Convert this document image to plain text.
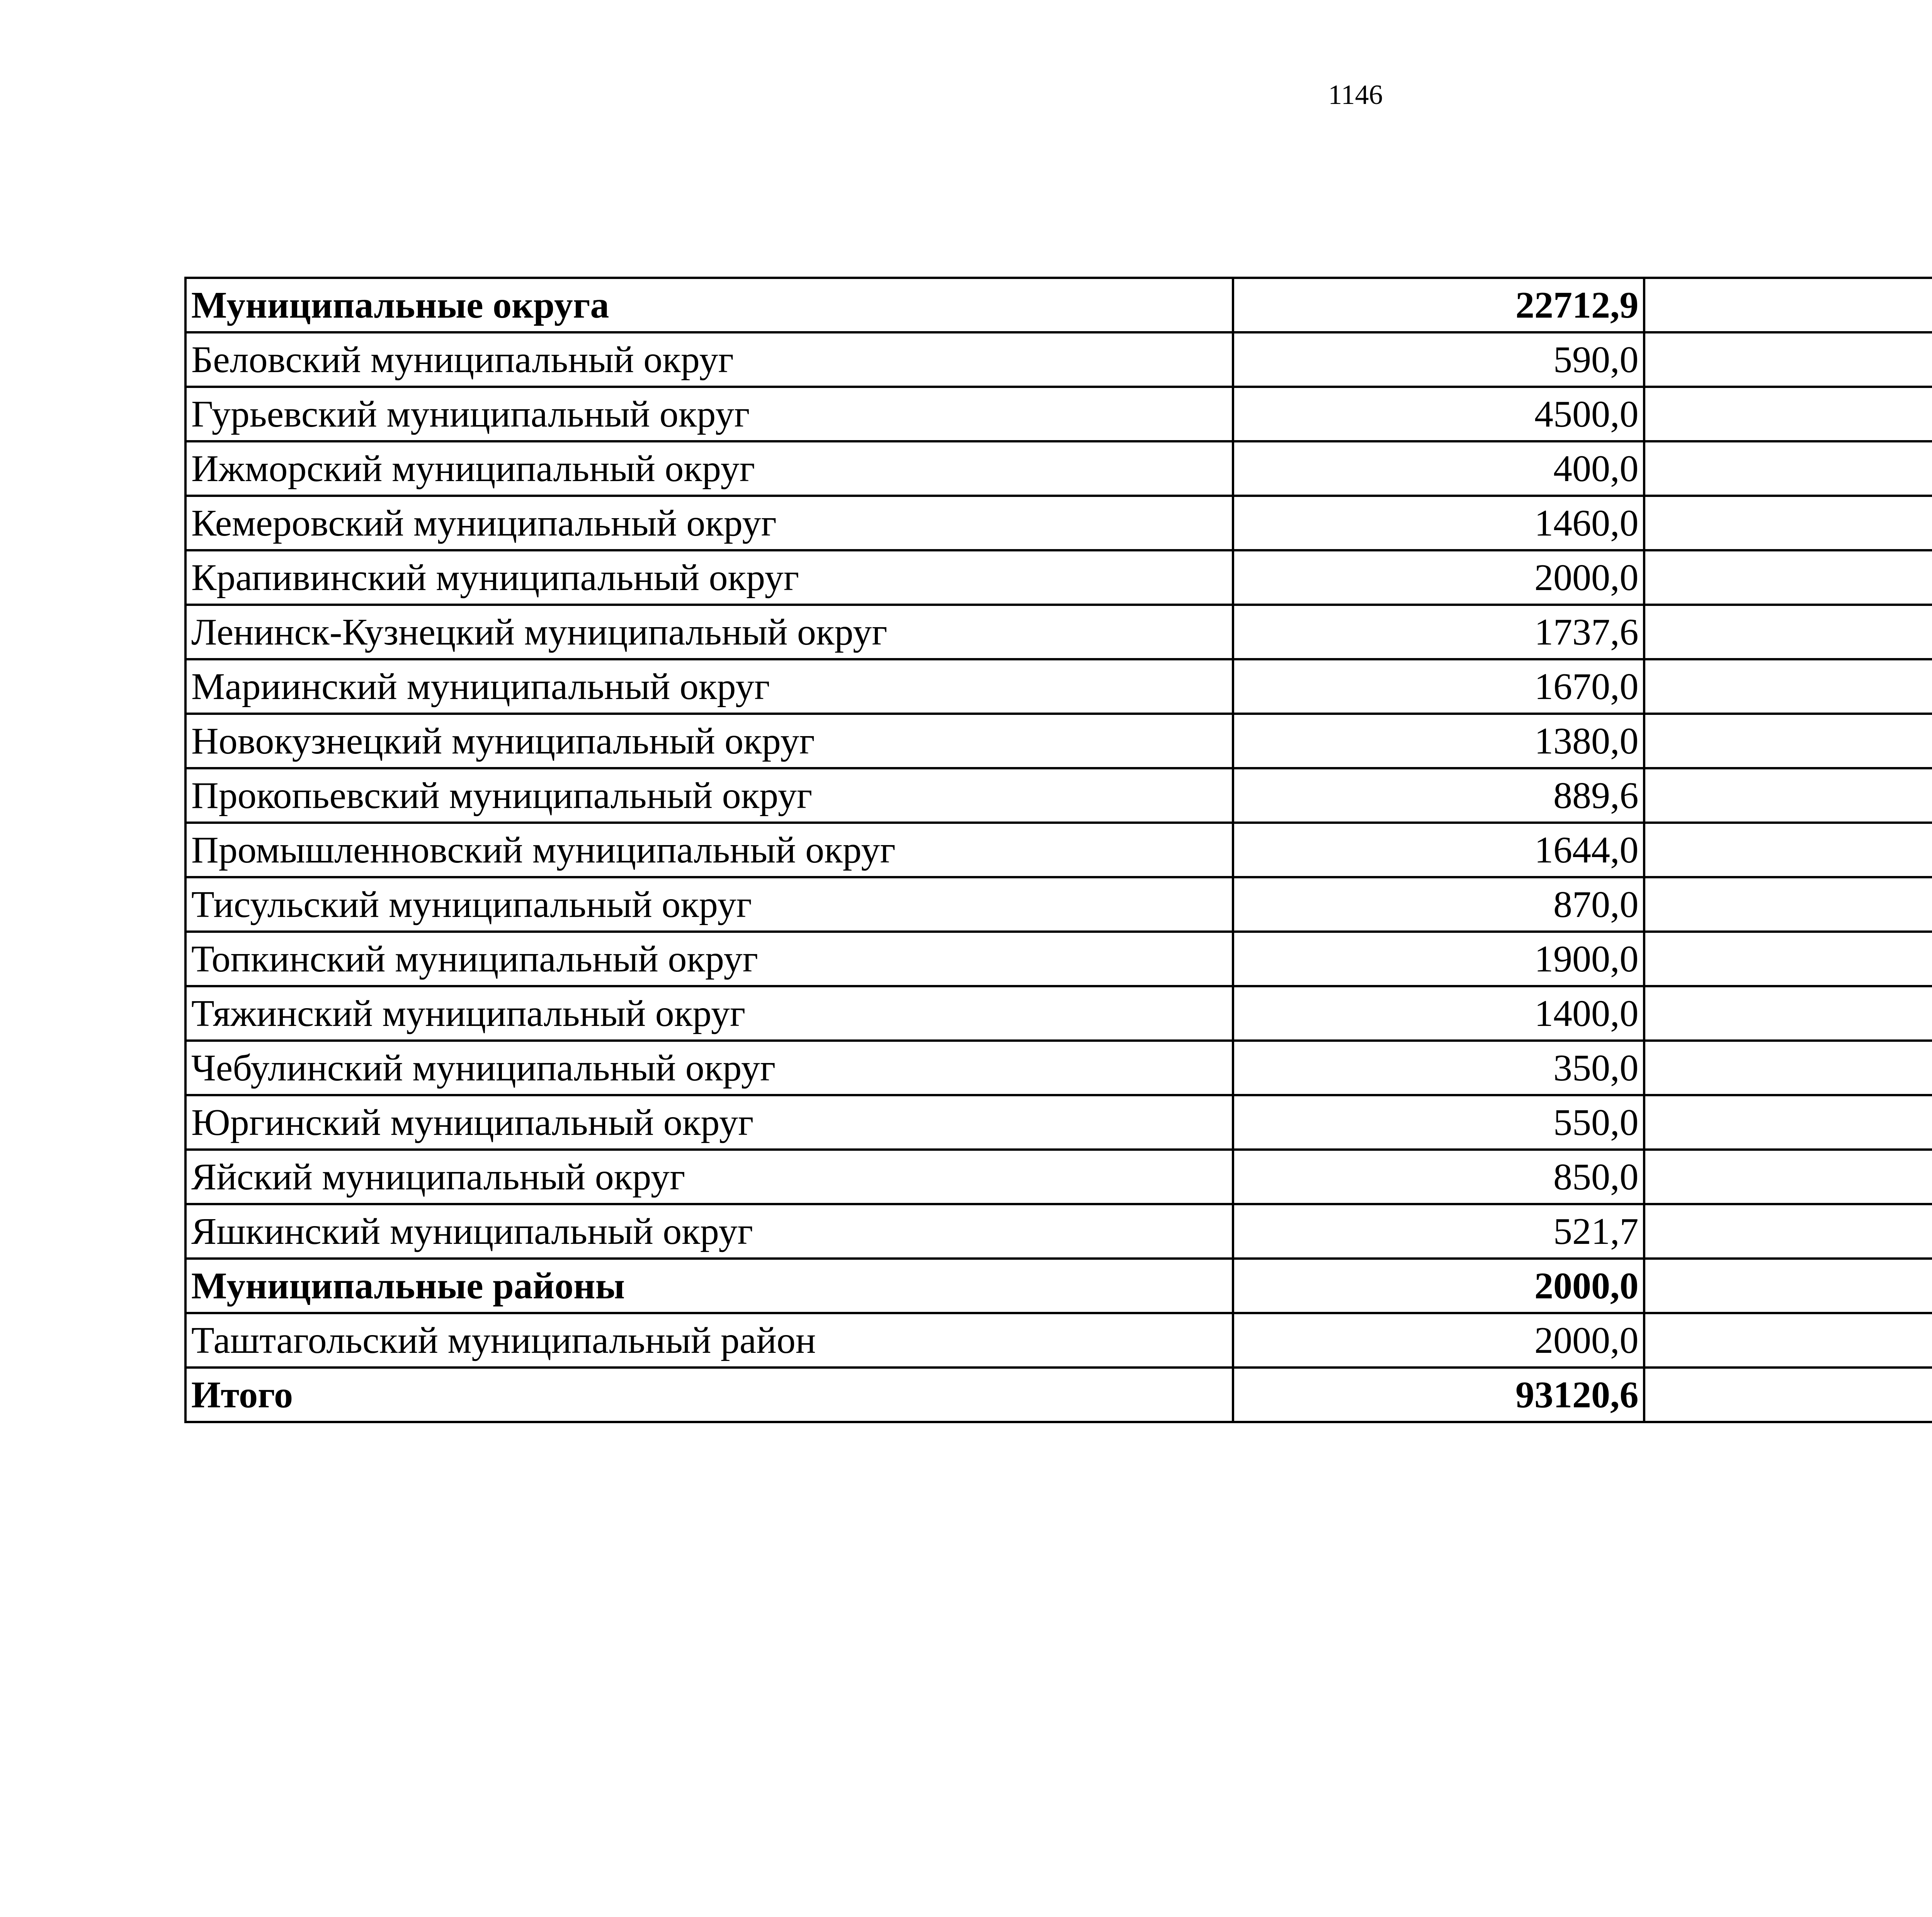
1146
Муниципальные округа	22712,9		
Беловский муниципальный округ	590,0		
Гурьевский муниципальный округ	4500,0		
Ижморский муниципальный округ	400,0		
Кемеровский муниципальный округ	1460,0		
Крапивинский муниципальный округ	2000,0		
Ленинск-Кузнецкий муниципальный округ	1737,6		
Мариинский муниципальный округ	1670,0		
Новокузнецкий муниципальный округ	1380,0		
Прокопьевский муниципальный округ	889,6		
Промышленновский муниципальный округ	1644,0		
Тисульский муниципальный округ	870,0		
Топкинский муниципальный округ	1900,0		
Тяжинский муниципальный округ	1400,0		
Чебулинский муниципальный округ	350,0		
Юргинский муниципальный округ	550,0		
Яйский муниципальный округ	850,0		
Яшкинский муниципальный округ	521,7		
Муниципальные районы	2000,0		
Таштагольский муниципальный район	2000,0		
Итого	93120,6		
